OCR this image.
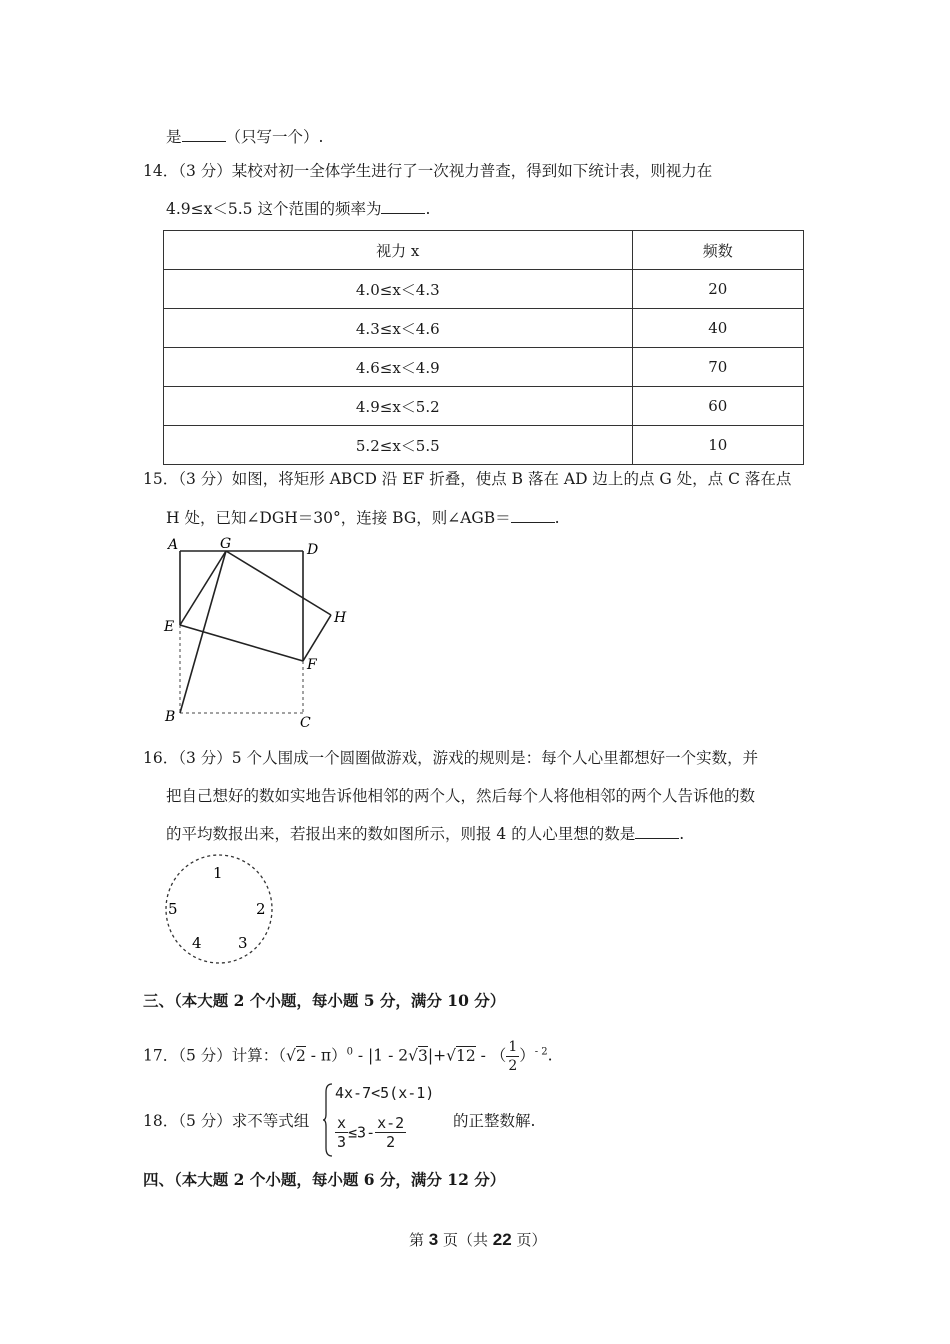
是	（只写一个）.
14．（3 分）某校对初一全体学生进行了一次视力普查，得到如下统计表，则视力在
4.9≤x＜5.5 这个范围的频率为	.
视力 x	频数
4.0≤x＜4.3	20
4.3≤x＜4.6	40
4.6≤x＜4.9	70
4.9≤x＜5.2	60
5.2≤x＜5.5	10
15．（3 分）如图，将矩形 ABCD 沿 EF 折叠，使点 B 落在 AD 边上的点 G 处，点 C 落在点
H 处，已知∠DGH＝30°，连接 BG，则∠AGB＝	.
A	G	D
E
H
F
B	C
16．（3 分）5 个人围成一个圆圈做游戏，游戏的规则是：每个人心里都想好一个实数，并
把自己想好的数如实地告诉他相邻的两个人，然后每个人将他相邻的两个人告诉他的数
的平均数报出来，若报出来的数如图所示，则报 4 的人心里想的数是	.
1
2
3
4
5
三、（本大题 2 个小题，每小题 5 分，满分 10 分）
17．（5 分）计算：（√2 - π）$^0$ - |1 - 2√3|+√12 - （ $\frac{1}{2} )^{- 2}$.
18．（5 分）求不等式组
4x-7<5(x-1)
$\frac{x}{3} \le 3- \frac{x-2}{2}$	的正整数解.
四、（本大题 2 个小题，每小题 6 分，满分 12 分）
第 3 页（共 22 页）
